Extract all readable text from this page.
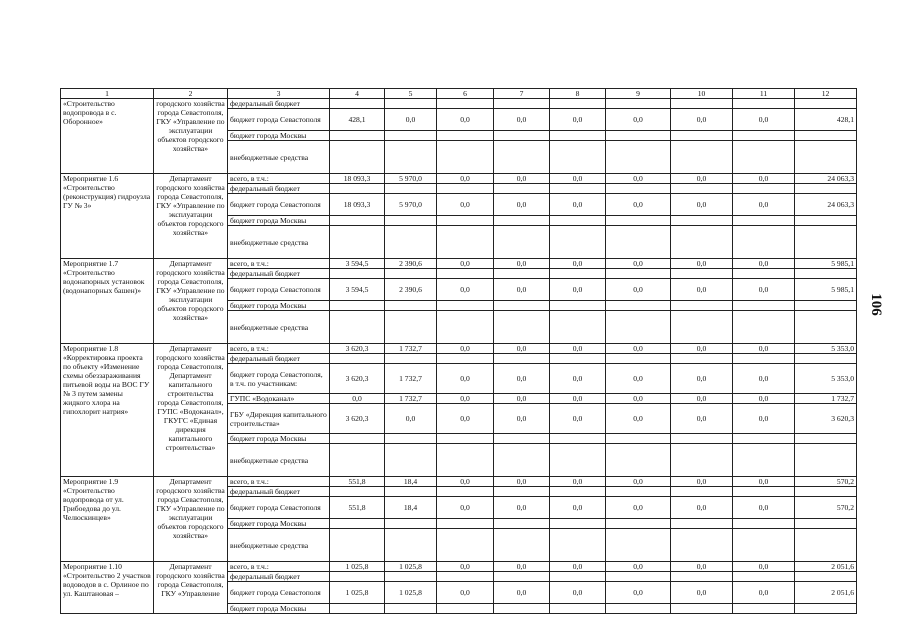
106
1	2	3	4	5	6	7	8	9	10	11	12
«Строительство водопровода в с. Оборонное»	городского хозяйства города Севастополя, ГКУ «Управление по эксплуатации объектов городского хозяйства»	федеральный бюджет									
		бюджет города Севастополя	428,1	0,0	0,0	0,0	0,0	0,0	0,0	0,0	428,1
		бюджет города Москвы									
		внебюджетные средства									
Мероприятие 1.6 «Строительство (реконструкция) гидроузла ГУ № 3»	Департамент городского хозяйства города Севастополя, ГКУ «Управление по эксплуатации объектов городского хозяйства»	всего, в т.ч.:	18 093,3	5 970,0	0,0	0,0	0,0	0,0	0,0	0,0	24 063,3
		федеральный бюджет									
		бюджет города Севастополя	18 093,3	5 970,0	0,0	0,0	0,0	0,0	0,0	0,0	24 063,3
		бюджет города Москвы									
		внебюджетные средства									
Мероприятие 1.7 «Строительство водонапорных установок (водонапорных башен)»	Департамент городского хозяйства города Севастополя, ГКУ «Управление по эксплуатации объектов городского хозяйства»	всего, в т.ч.:	3 594,5	2 390,6	0,0	0,0	0,0	0,0	0,0	0,0	5 985,1
		федеральный бюджет									
		бюджет города Севастополя	3 594,5	2 390,6	0,0	0,0	0,0	0,0	0,0	0,0	5 985,1
		бюджет города Москвы									
		внебюджетные средства									
Мероприятие 1.8 «Корректировка проекта по объекту «Изменение схемы обеззараживания питьевой воды на ВОС ГУ № 3 путем замены жидкого хлора на гипохлорит натрия»	Департамент городского хозяйства города Севастополя, Департамент капитального строительства города Севастополя, ГУПС «Водоканал», ГКУГС «Единая дирекция капитального строительства»	всего, в т.ч.:	3 620,3	1 732,7	0,0	0,0	0,0	0,0	0,0	0,0	5 353,0
		федеральный бюджет									
		бюджет города Севастополя, в т.ч. по участникам:	3 620,3	1 732,7	0,0	0,0	0,0	0,0	0,0	0,0	5 353,0
		ГУПС «Водоканал»	0,0	1 732,7	0,0	0,0	0,0	0,0	0,0	0,0	1 732,7
		ГБУ «Дирекция капитального строительства»	3 620,3	0,0	0,0	0,0	0,0	0,0	0,0	0,0	3 620,3
		бюджет города Москвы									
		внебюджетные средства									
Мероприятие 1.9 «Строительство водопровода от ул. Грибоедова до ул. Челюскинцев»	Департамент городского хозяйства города Севастополя, ГКУ «Управление по эксплуатации объектов городского хозяйства»	всего, в т.ч.:	551,8	18,4	0,0	0,0	0,0	0,0	0,0	0,0	570,2
		федеральный бюджет									
		бюджет города Севастополя	551,8	18,4	0,0	0,0	0,0	0,0	0,0	0,0	570,2
		бюджет города Москвы									
		внебюджетные средства									
Мероприятие 1.10 «Строительство 2 участков водоводов в с. Орлиное по ул. Каштановая –	Департамент городского хозяйства города Севастополя, ГКУ «Управление	всего, в т.ч.:	1 025,8	1 025,8	0,0	0,0	0,0	0,0	0,0	0,0	2 051,6
		федеральный бюджет									
		бюджет города Севастополя	1 025,8	1 025,8	0,0	0,0	0,0	0,0	0,0	0,0	2 051,6
		бюджет города Москвы									
